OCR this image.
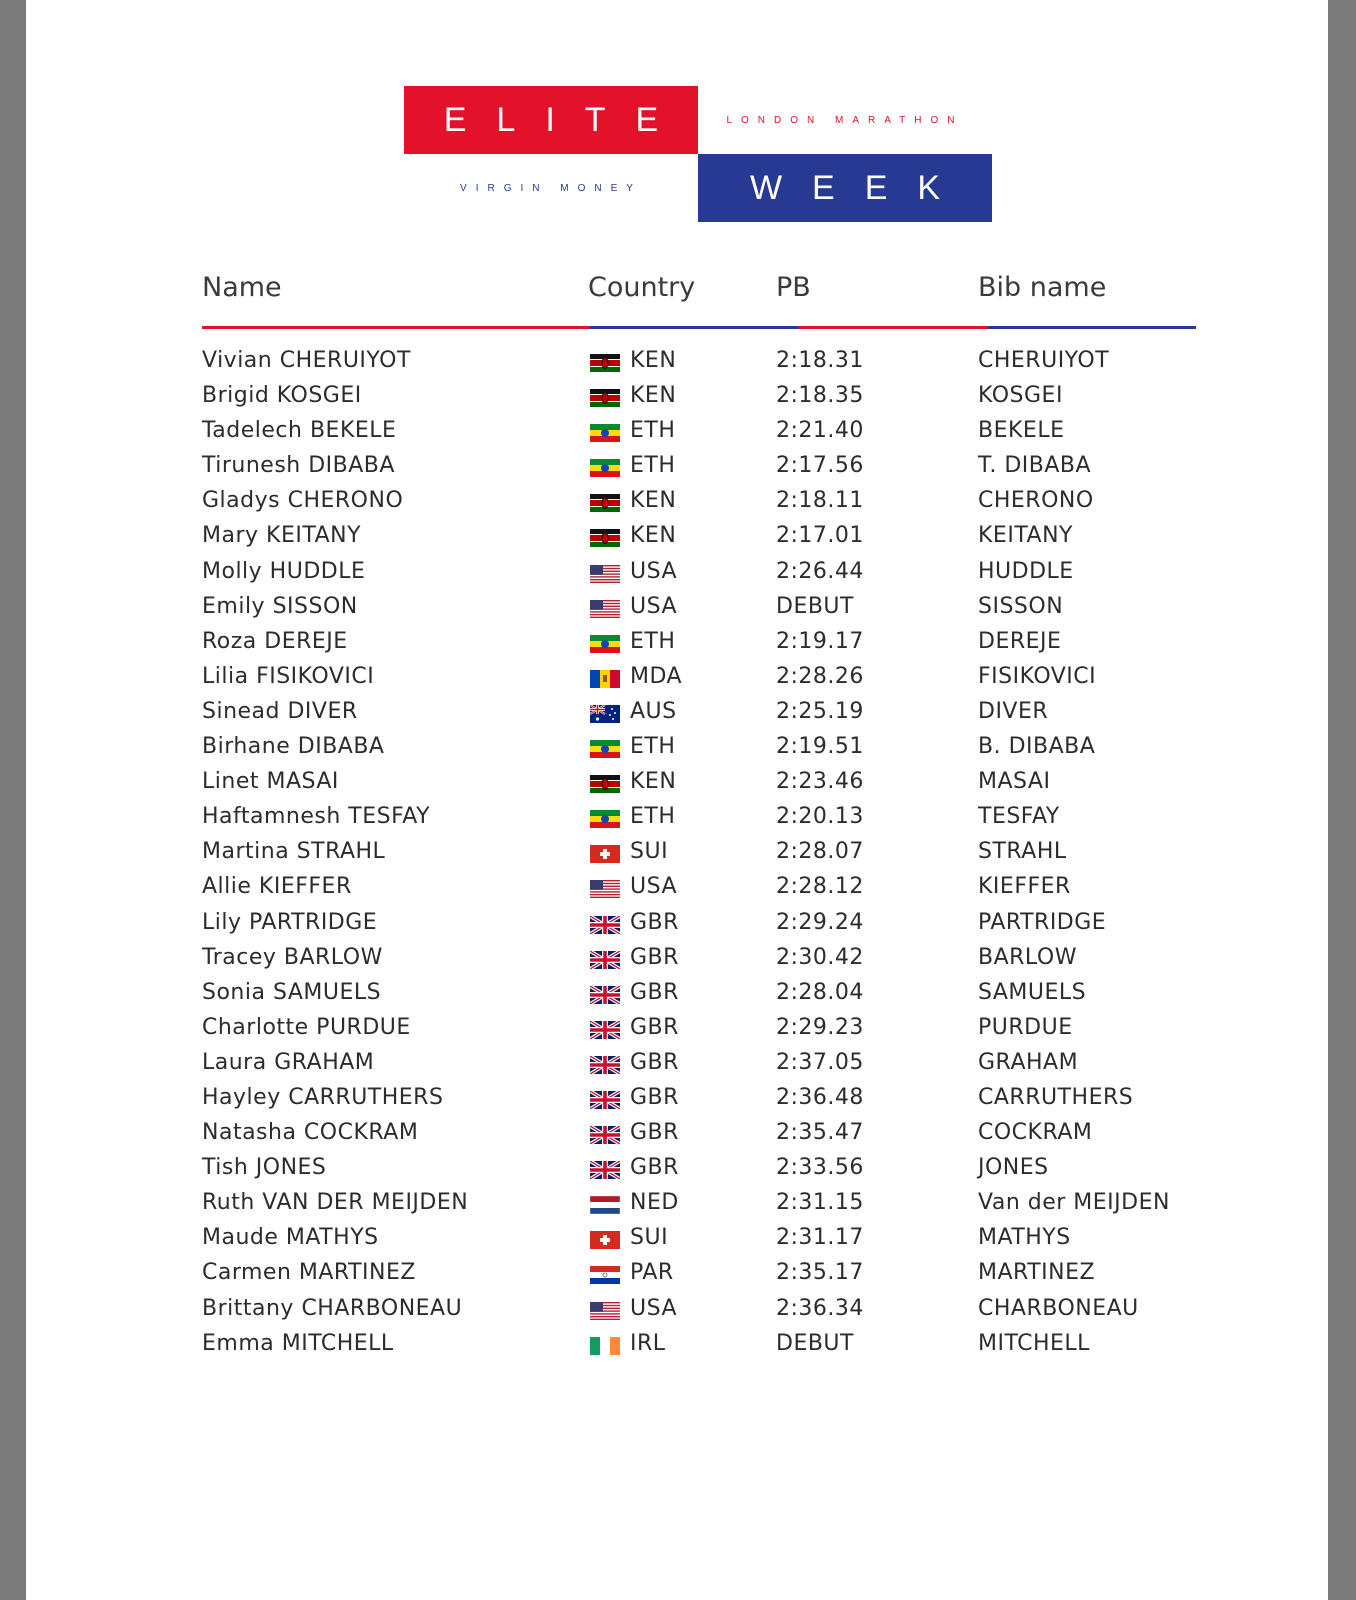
ELITE	LONDON MARATHON
VIRGIN MONEY	WEEK
Name	Country	PB	Bib name
Vivian CHERUIYOT	KEN	2:18.31	CHERUIYOT
Brigid KOSGEI	KEN	2:18.35	KOSGEI
Tadelech BEKELE	ETH	2:21.40	BEKELE
Tirunesh DIBABA	ETH	2:17.56	T. DIBABA
Gladys CHERONO	KEN	2:18.11	CHERONO
Mary KEITANY	KEN	2:17.01	KEITANY
Molly HUDDLE	USA	2:26.44	HUDDLE
Emily SISSON	USA	DEBUT	SISSON
Roza DEREJE	ETH	2:19.17	DEREJE
Lilia FISIKOVICI	MDA	2:28.26	FISIKOVICI
Sinead DIVER	AUS	2:25.19	DIVER
Birhane DIBABA	ETH	2:19.51	B. DIBABA
Linet MASAI	KEN	2:23.46	MASAI
Haftamnesh TESFAY	ETH	2:20.13	TESFAY
Martina STRAHL	SUI	2:28.07	STRAHL
Allie KIEFFER	USA	2:28.12	KIEFFER
Lily PARTRIDGE	GBR	2:29.24	PARTRIDGE
Tracey BARLOW	GBR	2:30.42	BARLOW
Sonia SAMUELS	GBR	2:28.04	SAMUELS
Charlotte PURDUE	GBR	2:29.23	PURDUE
Laura GRAHAM	GBR	2:37.05	GRAHAM
Hayley CARRUTHERS	GBR	2:36.48	CARRUTHERS
Natasha COCKRAM	GBR	2:35.47	COCKRAM
Tish JONES	GBR	2:33.56	JONES
Ruth VAN DER MEIJDEN	NED	2:31.15	Van der MEIJDEN
Maude MATHYS	SUI	2:31.17	MATHYS
Carmen MARTINEZ	PAR	2:35.17	MARTINEZ
Brittany CHARBONEAU	USA	2:36.34	CHARBONEAU
Emma MITCHELL	IRL	DEBUT	MITCHELL
